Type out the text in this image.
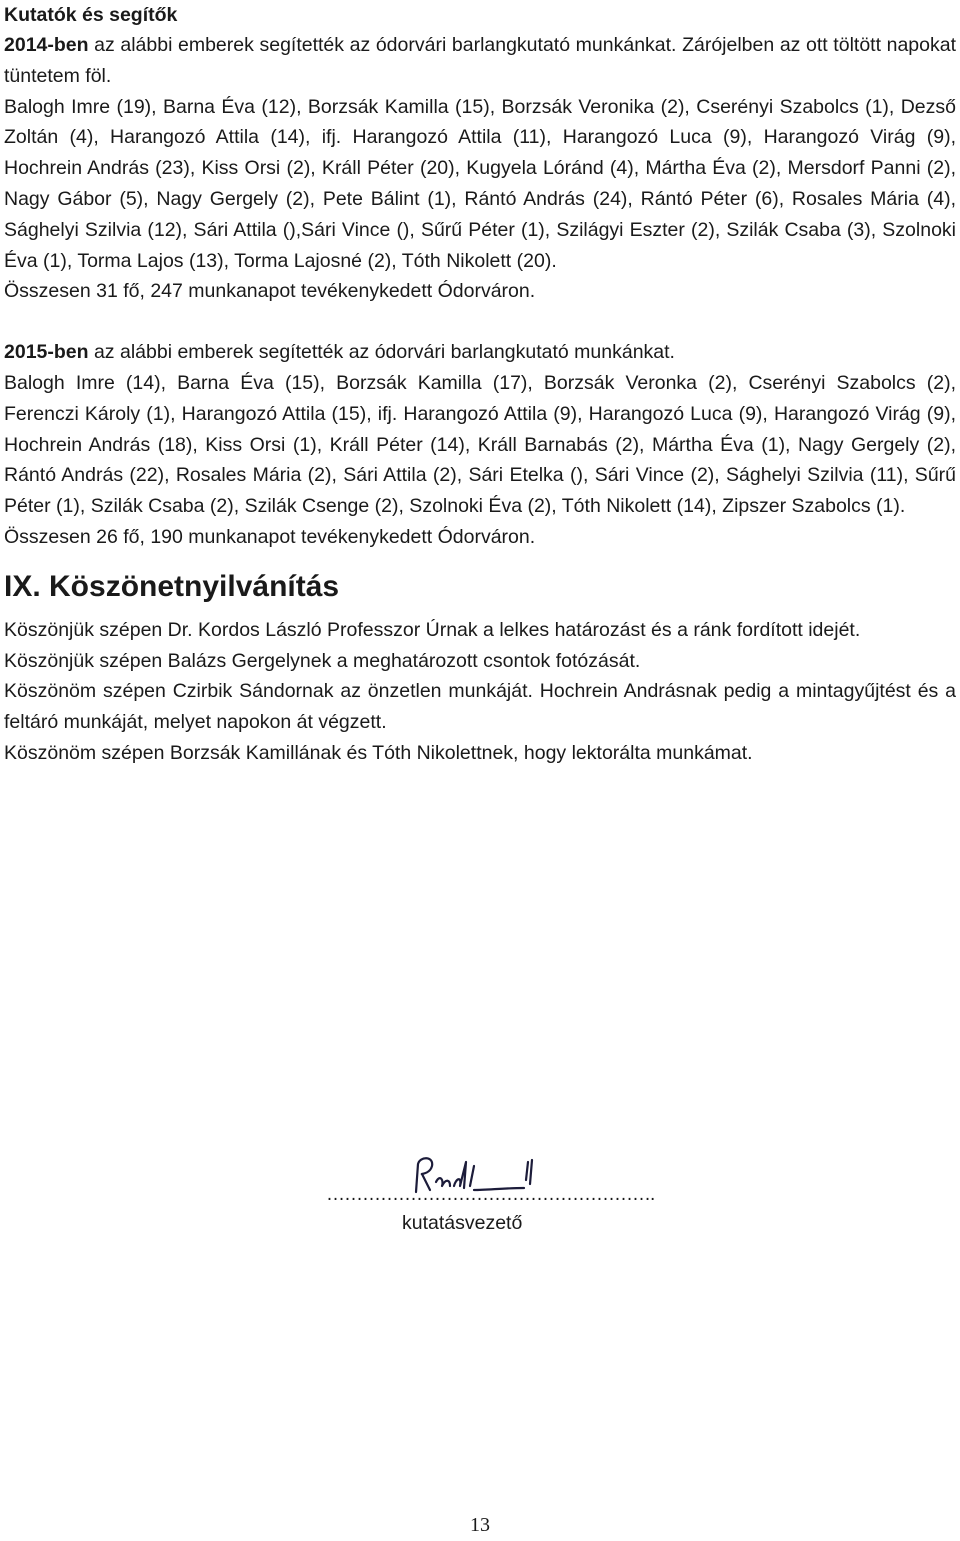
Kutatók és segítők

2014-ben az alábbi emberek segítették az ódorvári barlangkutató munkánkat. Zárójelben az ott töltött napokat tüntetem föl.

Balogh Imre (19), Barna Éva (12), Borzsák Kamilla (15), Borzsák Veronika (2), Cserényi Szabolcs (1), Dezső Zoltán (4), Harangozó Attila (14), ifj. Harangozó Attila (11), Harangozó Luca (9), Harangozó Virág (9), Hochrein András (23), Kiss Orsi (2), Králl Péter (20), Kugyela Lóránd (4), Mártha Éva (2), Mersdorf Panni (2), Nagy Gábor (5), Nagy Gergely (2), Pete Bálint (1), Rántó András (24), Rántó Péter (6), Rosales Mária (4), Sághelyi Szilvia (12), Sári Attila (),Sári Vince (), Sűrű Péter (1), Szilágyi Eszter (2), Szilák Csaba (3), Szolnoki Éva (1), Torma Lajos (13), Torma Lajosné (2), Tóth Nikolett (20).

Összesen 31 fő, 247 munkanapot tevékenykedett Ódorváron.

2015-ben az alábbi emberek segítették az ódorvári barlangkutató munkánkat.

Balogh Imre (14), Barna Éva (15), Borzsák Kamilla (17), Borzsák Veronka (2), Cserényi Szabolcs (2), Ferenczi Károly (1), Harangozó Attila (15), ifj. Harangozó Attila (9), Harangozó Luca (9), Harangozó Virág (9), Hochrein András (18), Kiss Orsi (1), Králl Péter (14), Králl Barnabás (2), Mártha Éva (1), Nagy Gergely (2), Rántó András (22), Rosales Mária (2), Sári Attila (2), Sári Etelka (), Sári Vince (2), Sághelyi Szilvia (11), Sűrű Péter (1), Szilák Csaba (2), Szilák Csenge (2), Szolnoki Éva (2), Tóth Nikolett (14), Zipszer Szabolcs (1).

Összesen 26 fő, 190 munkanapot tevékenykedett Ódorváron.

IX. Köszönetnyilvánítás

Köszönjük szépen Dr. Kordos László Professzor Úrnak a lelkes határozást és a ránk fordított idejét.

Köszönjük szépen Balázs Gergelynek a meghatározott csontok fotózását.

Köszönöm szépen Czirbik Sándornak az önzetlen munkáját. Hochrein Andrásnak pedig a mintagyűjtést és a feltáró munkáját, melyet napokon át végzett.

Köszönöm szépen Borzsák Kamillának és Tóth Nikolettnek, hogy lektorálta munkámat.

……………………………………………….
kutatásvezető
13
